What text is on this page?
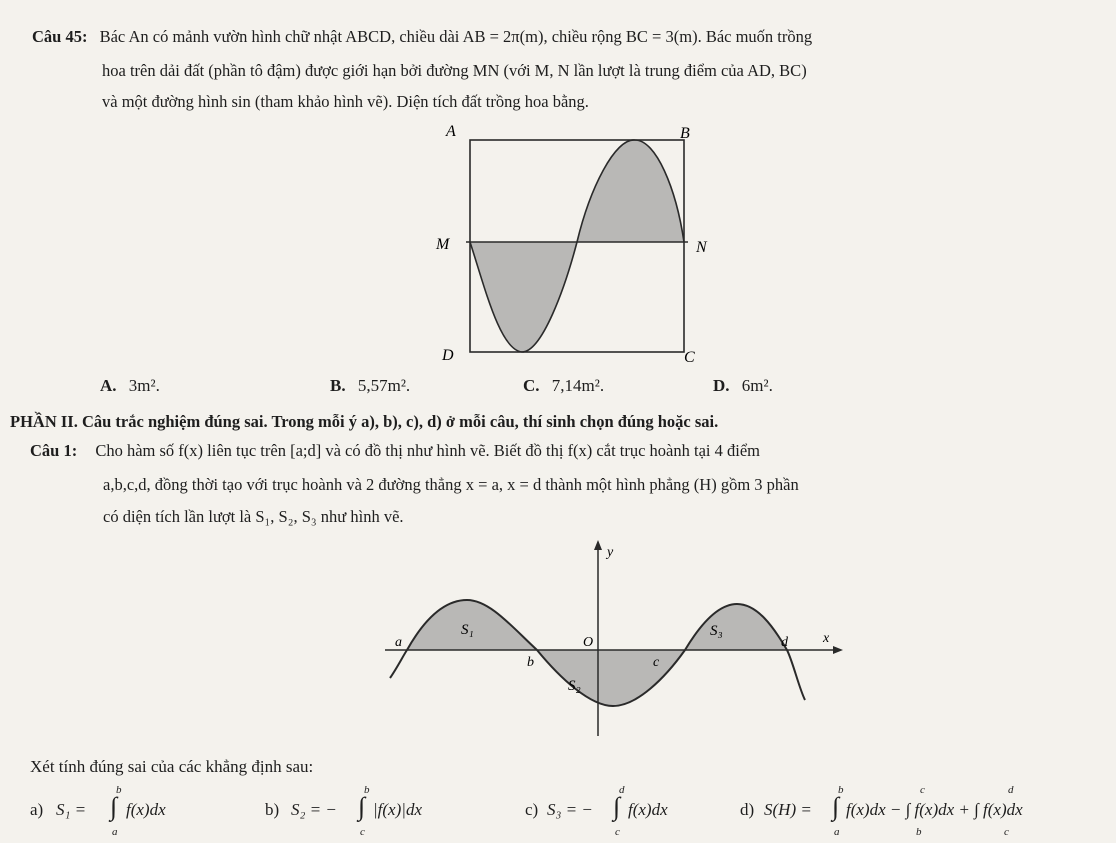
Câu 45: Bác An có mảnh vườn hình chữ nhật ABCD, chiều dài AB = 2π(m), chiều rộng BC = 3(m). Bác muốn trồng
hoa trên dải đất (phần tô đậm) được giới hạn bởi đường MN (với M, N lần lượt là trung điểm của AD, BC)
và một đường hình sin (tham khảo hình vẽ). Diện tích đất trồng hoa bằng.
A	B
M	N
D	C
A. 3m².	B. 5,57m².	C. 7,14m².	D. 6m².
PHẦN II. Câu trắc nghiệm đúng sai. Trong mỗi ý a), b), c), d) ở mỗi câu, thí sinh chọn đúng hoặc sai.
Câu 1: Cho hàm số f(x) liên tục trên [a;d] và có đồ thị như hình vẽ. Biết đồ thị f(x) cắt trục hoành tại 4 điểm
a,b,c,d, đồng thời tạo với trục hoành và 2 đường thẳng x = a, x = d thành một hình phẳng (H) gồm 3 phần
có diện tích lần lượt là S₁, S₂, S₃ như hình vẽ.
y
x
O
a
b	c
d
S₁
S₂
S₃
Xét tính đúng sai của các khẳng định sau:
a) S₁ = ∫
b
a
f(x)dx	b) S₂ = − ∫
b
c
|f(x)|dx	c) S₃ = − ∫
d
c
f(x)dx	d) S(H) = ∫
b
a
c
b
d
c
f(x)dx − ∫ f(x)dx + ∫ f(x)dx
